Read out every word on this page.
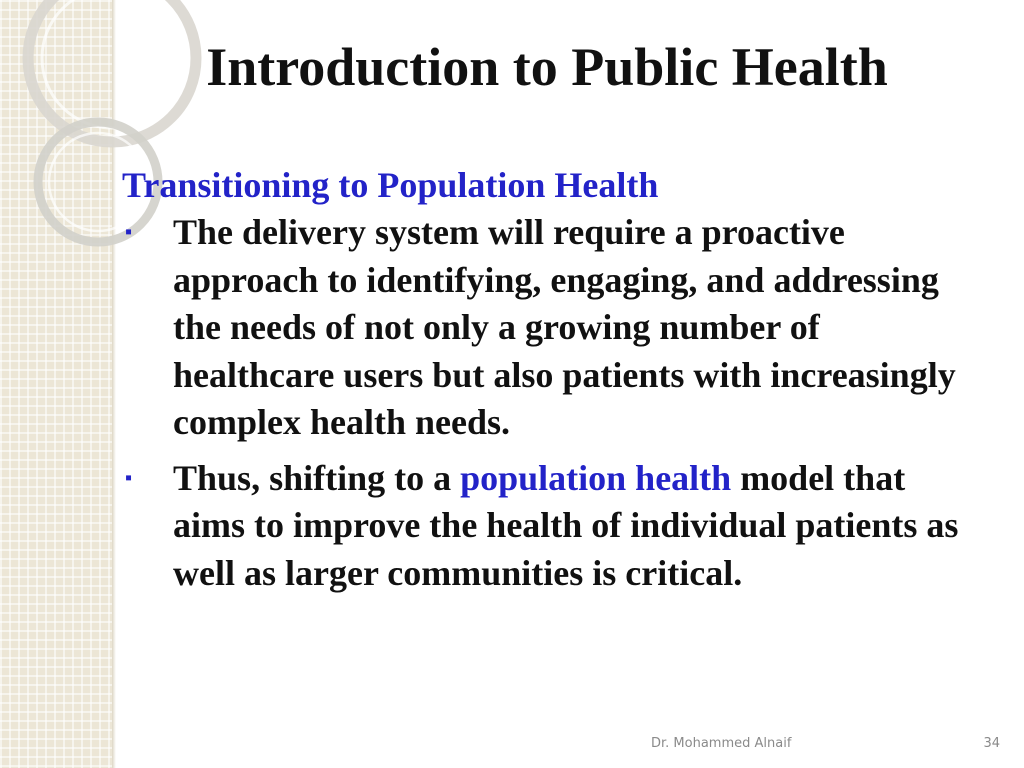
Introduction to Public Health
Transitioning to Population Health
▪ The delivery system will require a proactive approach to identifying, engaging, and addressing the needs of not only a growing number of healthcare users but also patients with increasingly complex health needs.
▪ Thus, shifting to a population health model that aims to improve the health of individual patients as well as larger communities is critical.
Dr. Mohammed Alnaif	34
